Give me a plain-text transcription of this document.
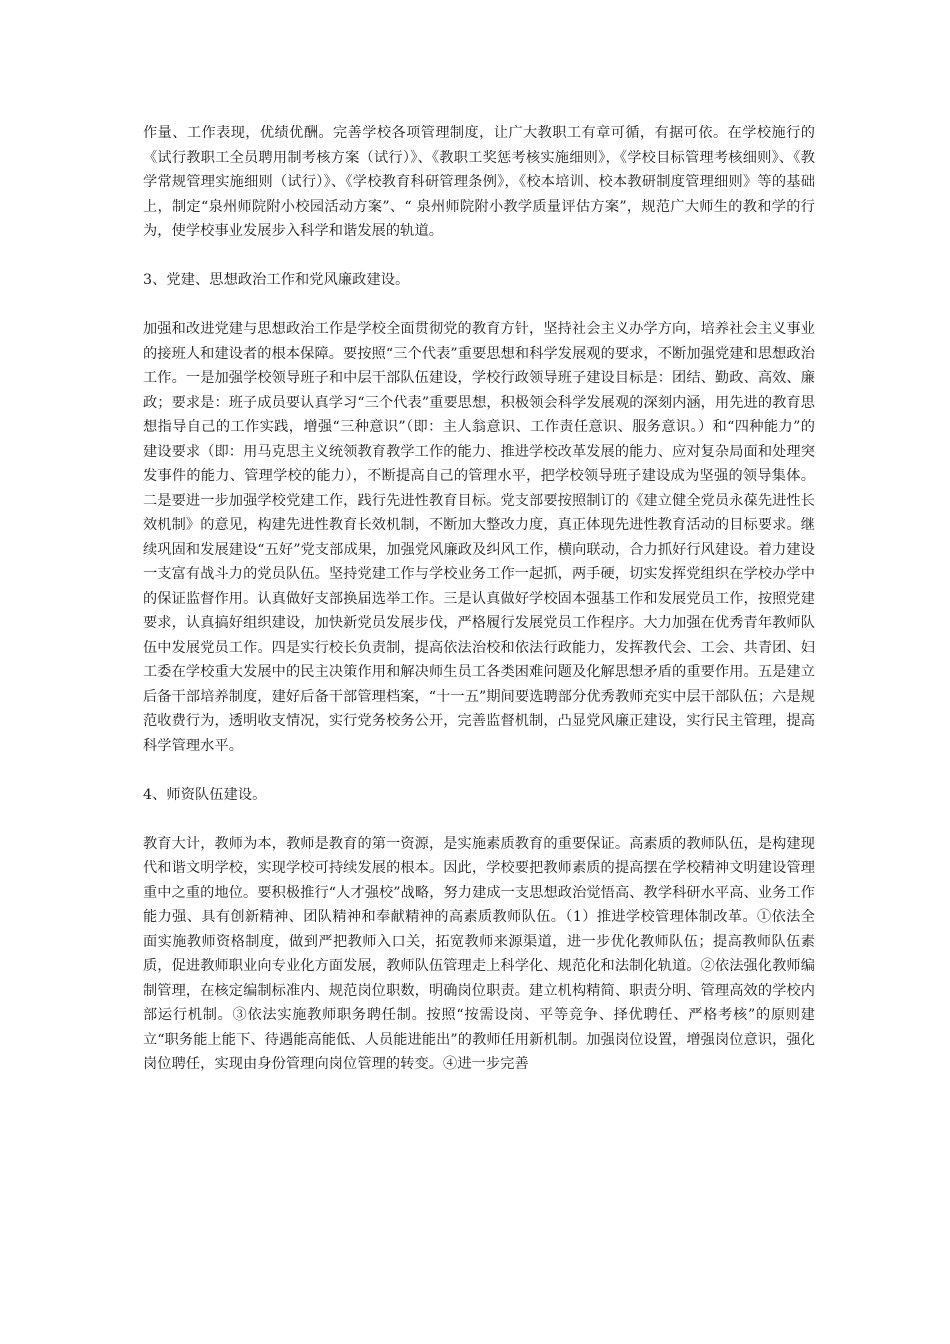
作量、工作表现，优绩优酬。完善学校各项管理制度，让广大教职工有章可循，有据可依。在学校施行的《试行教职工全员聘用制考核方案（试行）》、《教职工奖惩考核实施细则》，《学校目标管理考核细则》、《教学常规管理实施细则（试行）》、《学校教育科研管理条例》，《校本培训、校本教研制度管理细则》等的基础上，制定“泉州师院附小校园活动方案”、“ 泉州师院附小教学质量评估方案”，规范广大师生的教和学的行为，使学校事业发展步入科学和谐发展的轨道。

3、党建、思想政治工作和党风廉政建设。

加强和改进党建与思想政治工作是学校全面贯彻党的教育方针，坚持社会主义办学方向，培养社会主义事业的接班人和建设者的根本保障。要按照“三个代表”重要思想和科学发展观的要求，不断加强党建和思想政治工作。一是加强学校领导班子和中层干部队伍建设，学校行政领导班子建设目标是：团结、勤政、高效、廉政；要求是：班子成员要认真学习“三个代表”重要思想，积极领会科学发展观的深刻内涵，用先进的教育思想指导自己的工作实践，增强“三种意识”（即：主人翁意识、工作责任意识、服务意识。）和“四种能力”的建设要求（即：用马克思主义统领教育教学工作的能力、推进学校改革发展的能力、应对复杂局面和处理突发事件的能力、管理学校的能力），不断提高自己的管理水平，把学校领导班子建设成为坚强的领导集体。二是要进一步加强学校党建工作，践行先进性教育目标。党支部要按照制订的《建立健全党员永葆先进性长效机制》的意见，构建先进性教育长效机制，不断加大整改力度，真正体现先进性教育活动的目标要求。继续巩固和发展建设“五好”党支部成果，加强党风廉政及纠风工作，横向联动，合力抓好行风建设。着力建设一支富有战斗力的党员队伍。坚持党建工作与学校业务工作一起抓，两手硬，切实发挥党组织在学校办学中的保证监督作用。认真做好支部换届选举工作。三是认真做好学校固本强基工作和发展党员工作，按照党建要求，认真搞好组织建设，加快新党员发展步伐，严格履行发展党员工作程序。大力加强在优秀青年教师队伍中发展党员工作。四是实行校长负责制，提高依法治校和依法行政能力，发挥教代会、工会、共青团、妇工委在学校重大发展中的民主决策作用和解决师生员工各类困难问题及化解思想矛盾的重要作用。五是建立后备干部培养制度，建好后备干部管理档案，“十一五”期间要选聘部分优秀教师充实中层干部队伍；六是规范收费行为，透明收支情况，实行党务校务公开，完善监督机制，凸显党风廉正建设，实行民主管理，提高科学管理水平。

4、师资队伍建设。

教育大计，教师为本，教师是教育的第一资源，是实施素质教育的重要保证。高素质的教师队伍，是构建现代和谐文明学校，实现学校可持续发展的根本。因此，学校要把教师素质的提高摆在学校精神文明建设管理重中之重的地位。要积极推行“人才强校”战略，努力建成一支思想政治觉悟高、教学科研水平高、业务工作能力强、具有创新精神、团队精神和奉献精神的高素质教师队伍。（1）推进学校管理体制改革。①依法全面实施教师资格制度，做到严把教师入口关，拓宽教师来源渠道，进一步优化教师队伍；提高教师队伍素质，促进教师职业向专业化方面发展，教师队伍管理走上科学化、规范化和法制化轨道。②依法强化教师编制管理，在核定编制标准内、规范岗位职数，明确岗位职责。建立机构精简、职责分明、管理高效的学校内部运行机制。③依法实施教师职务聘任制。按照“按需设岗、平等竞争、择优聘任、严格考核”的原则建立“职务能上能下、待遇能高能低、人员能进能出”的教师任用新机制。加强岗位设置，增强岗位意识，强化岗位聘任，实现由身份管理向岗位管理的转变。④进一步完善
